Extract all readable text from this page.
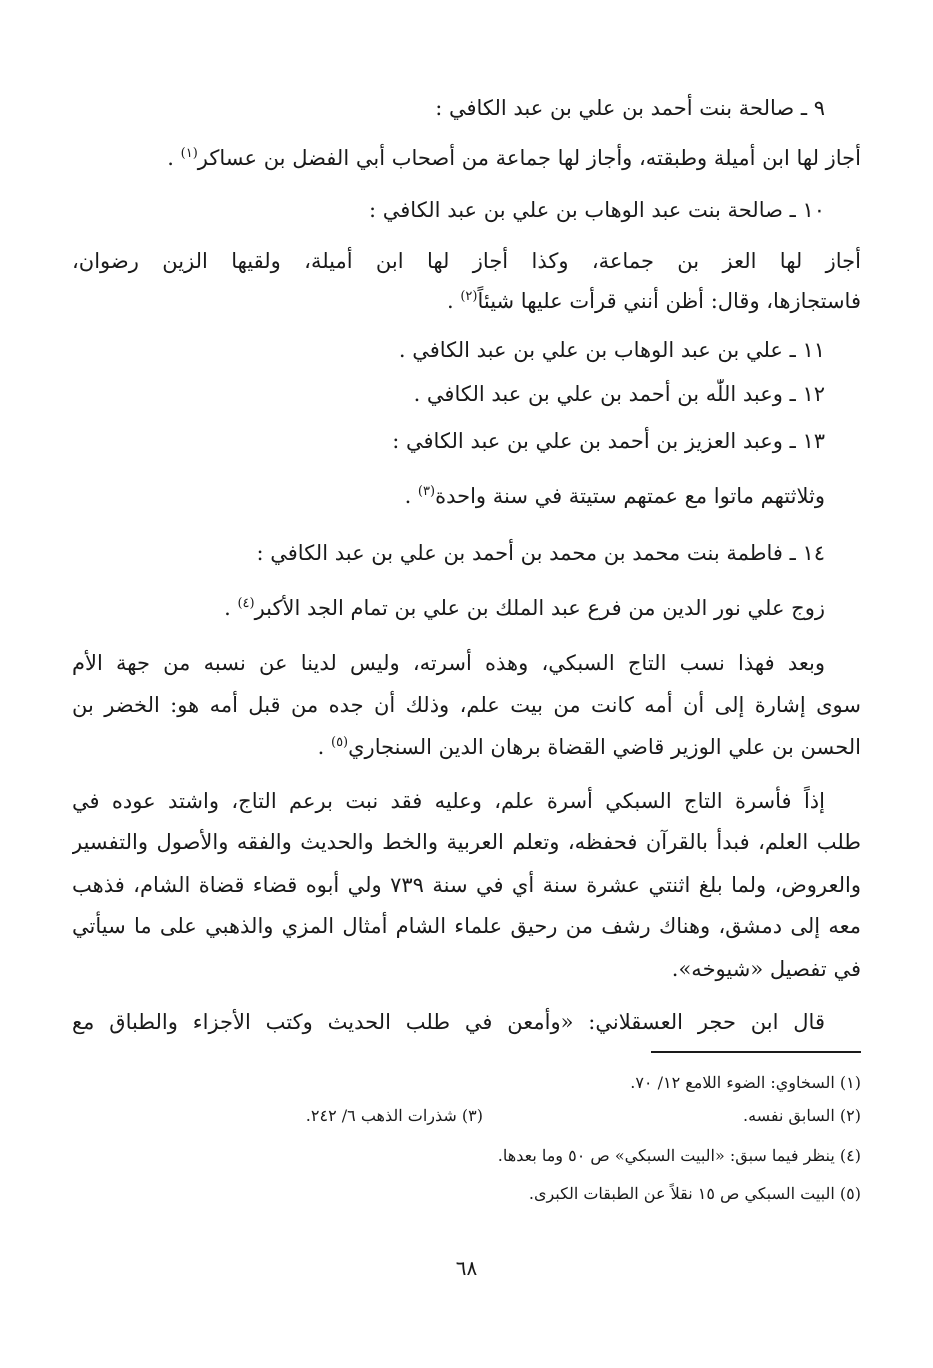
٩ ـ صالحة بنت أحمد بن علي بن عبد الكافي :
أجاز لها ابن أميلة وطبقته، وأجاز لها جماعة من أصحاب أبي الفضل بن عساكر$^{(١)}$ .
١٠ ـ صالحة بنت عبد الوهاب بن علي بن عبد الكافي :
أجاز لها العز بن جماعة، وكذا أجاز لها ابن أميلة، ولقيها الزين رضوان،
فاستجازها، وقال: أظن أنني قرأت عليها شيئاً$^{(٢)}$ .
١١ ـ علي بن عبد الوهاب بن علي بن عبد الكافي .
١٢ ـ وعبد اللّٰه بن أحمد بن علي بن عبد الكافي .
١٣ ـ وعبد العزيز بن أحمد بن علي بن عبد الكافي :
وثلاثتهم ماتوا مع عمتهم ستيتة في سنة واحدة$^{(٣)}$ .
١٤ ـ فاطمة بنت محمد بن محمد بن أحمد بن علي بن عبد الكافي :
زوج علي نور الدين من فرع عبد الملك بن علي بن تمام الجد الأكبر$^{(٤)}$ .
وبعد فهذا نسب التاج السبكي، وهذه أسرته، وليس لدينا عن نسبه من جهة الأم
سوى إشارة إلى أن أمه كانت من بيت علم، وذلك أن جده من قبل أمه هو: الخضر بن
الحسن بن علي الوزير قاضي القضاة برهان الدين السنجاري$^{(٥)}$ .
إذاً فأسرة التاج السبكي أسرة علم، وعليه فقد نبت برعم التاج، واشتد عوده في
طلب العلم، فبدأ بالقرآن فحفظه، وتعلم العربية والخط والحديث والفقه والأصول والتفسير
والعروض، ولما بلغ اثنتي عشرة سنة أي في سنة ٧٣٩ ولي أبوه قضاء قضاة الشام، فذهب
معه إلى دمشق، وهناك رشف من رحيق علماء الشام أمثال المزي والذهبي على ما سيأتي
في تفصيل «شيوخه».
قال ابن حجر العسقلاني: «وأمعن في طلب الحديث وكتب الأجزاء والطباق مع
(١) السخاوي: الضوء اللامع ١٢/ ٧٠.
(٢) السابق نفسه.
(٣) شذرات الذهب ٦/ ٢٤٢.
(٤) ينظر فيما سبق: «البيت السبكي» ص ٥٠ وما بعدها.
(٥) البيت السبكي ص ١٥ نقلاً عن الطبقات الكبرى.
٦٨
